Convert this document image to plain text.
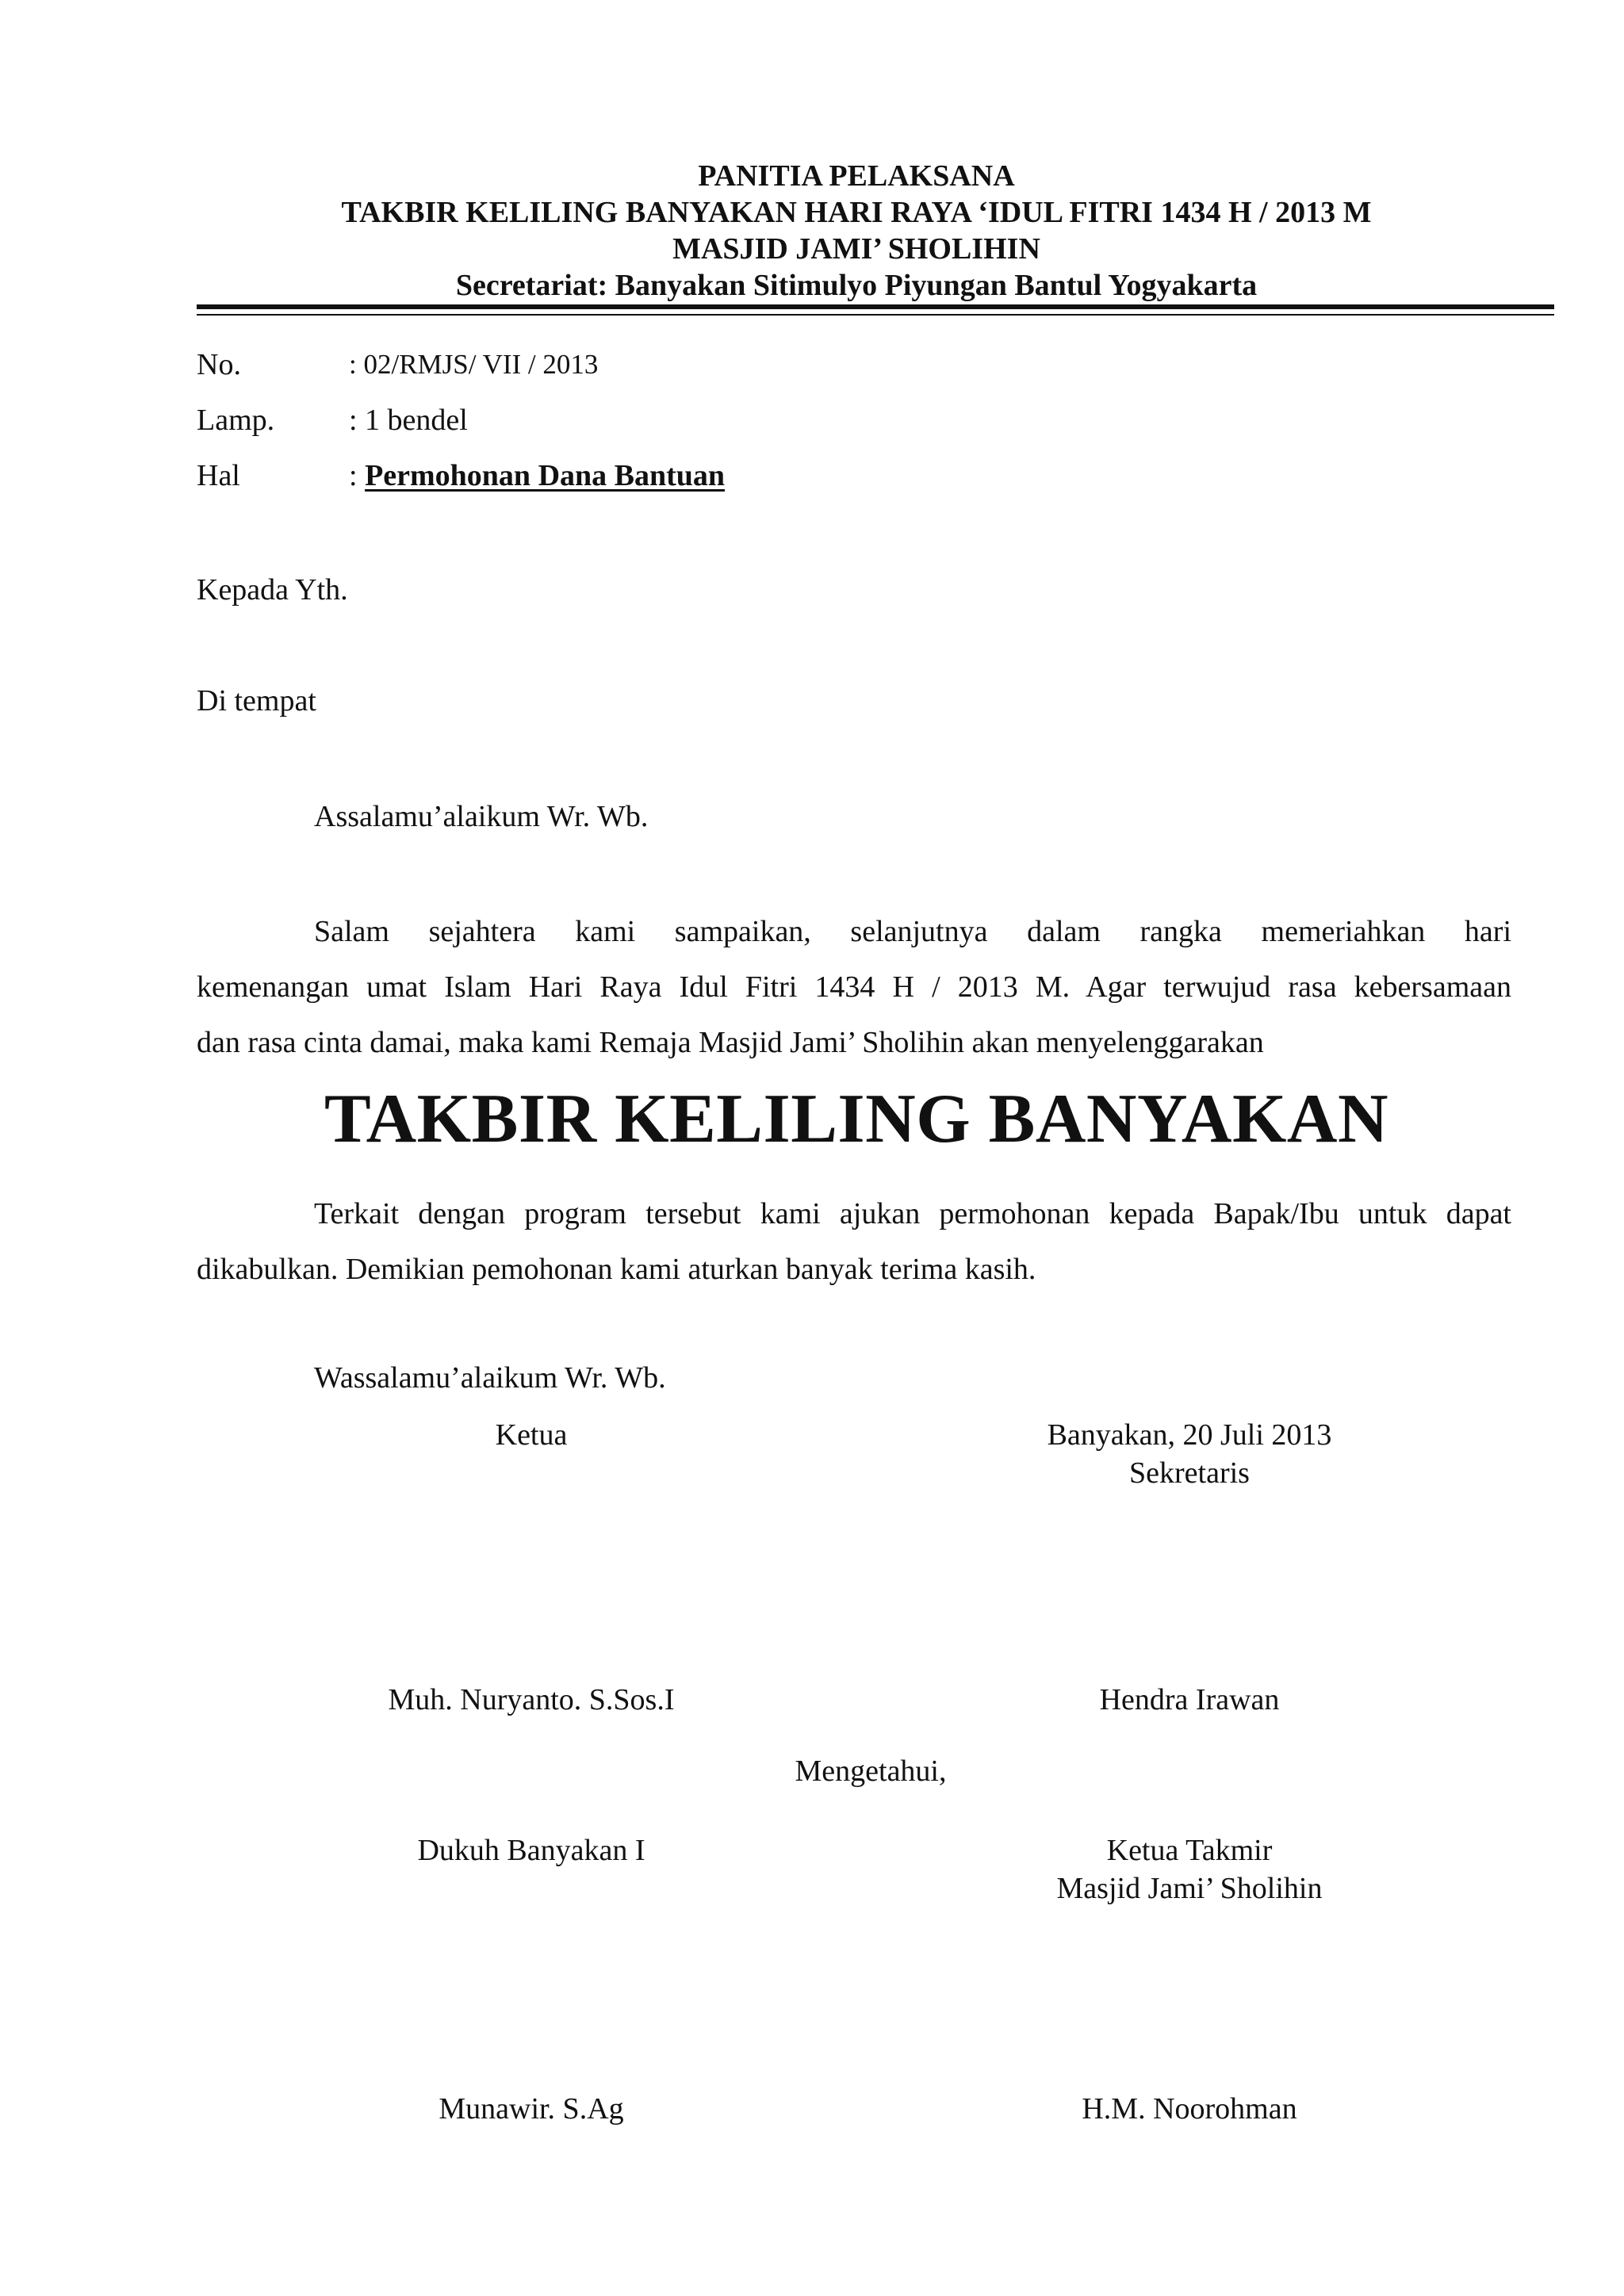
PANITIA PELAKSANA
TAKBIR KELILING BANYAKAN HARI RAYA ‘IDUL FITRI 1434 H / 2013 M
MASJID JAMI’ SHOLIHIN
Secretariat: Banyakan Sitimulyo Piyungan Bantul Yogyakarta
No.	: 02/RMJS/ VII / 2013
Lamp. : 1 bendel
Hal	: Permohonan Dana Bantuan
Kepada Yth.
Di tempat
Assalamu’alaikum Wr. Wb.
Salam sejahtera kami sampaikan, selanjutnya dalam rangka memeriahkan hari
kemenangan umat Islam Hari Raya Idul Fitri 1434 H / 2013 M. Agar terwujud rasa kebersamaan
dan rasa cinta damai, maka kami Remaja Masjid Jami’ Sholihin akan menyelenggarakan
TAKBIR KELILING BANYAKAN
Terkait dengan program tersebut kami ajukan permohonan kepada Bapak/Ibu untuk dapat
dikabulkan. Demikian pemohonan kami aturkan banyak terima kasih.
Wassalamu’alaikum Wr. Wb.
Ketua	Banyakan, 20 Juli 2013
Sekretaris
Muh. Nuryanto. S.Sos.I	Hendra Irawan
Mengetahui,
Dukuh Banyakan I	Ketua Takmir
Masjid Jami’ Sholihin
Munawir. S.Ag	H.M. Noorohman
